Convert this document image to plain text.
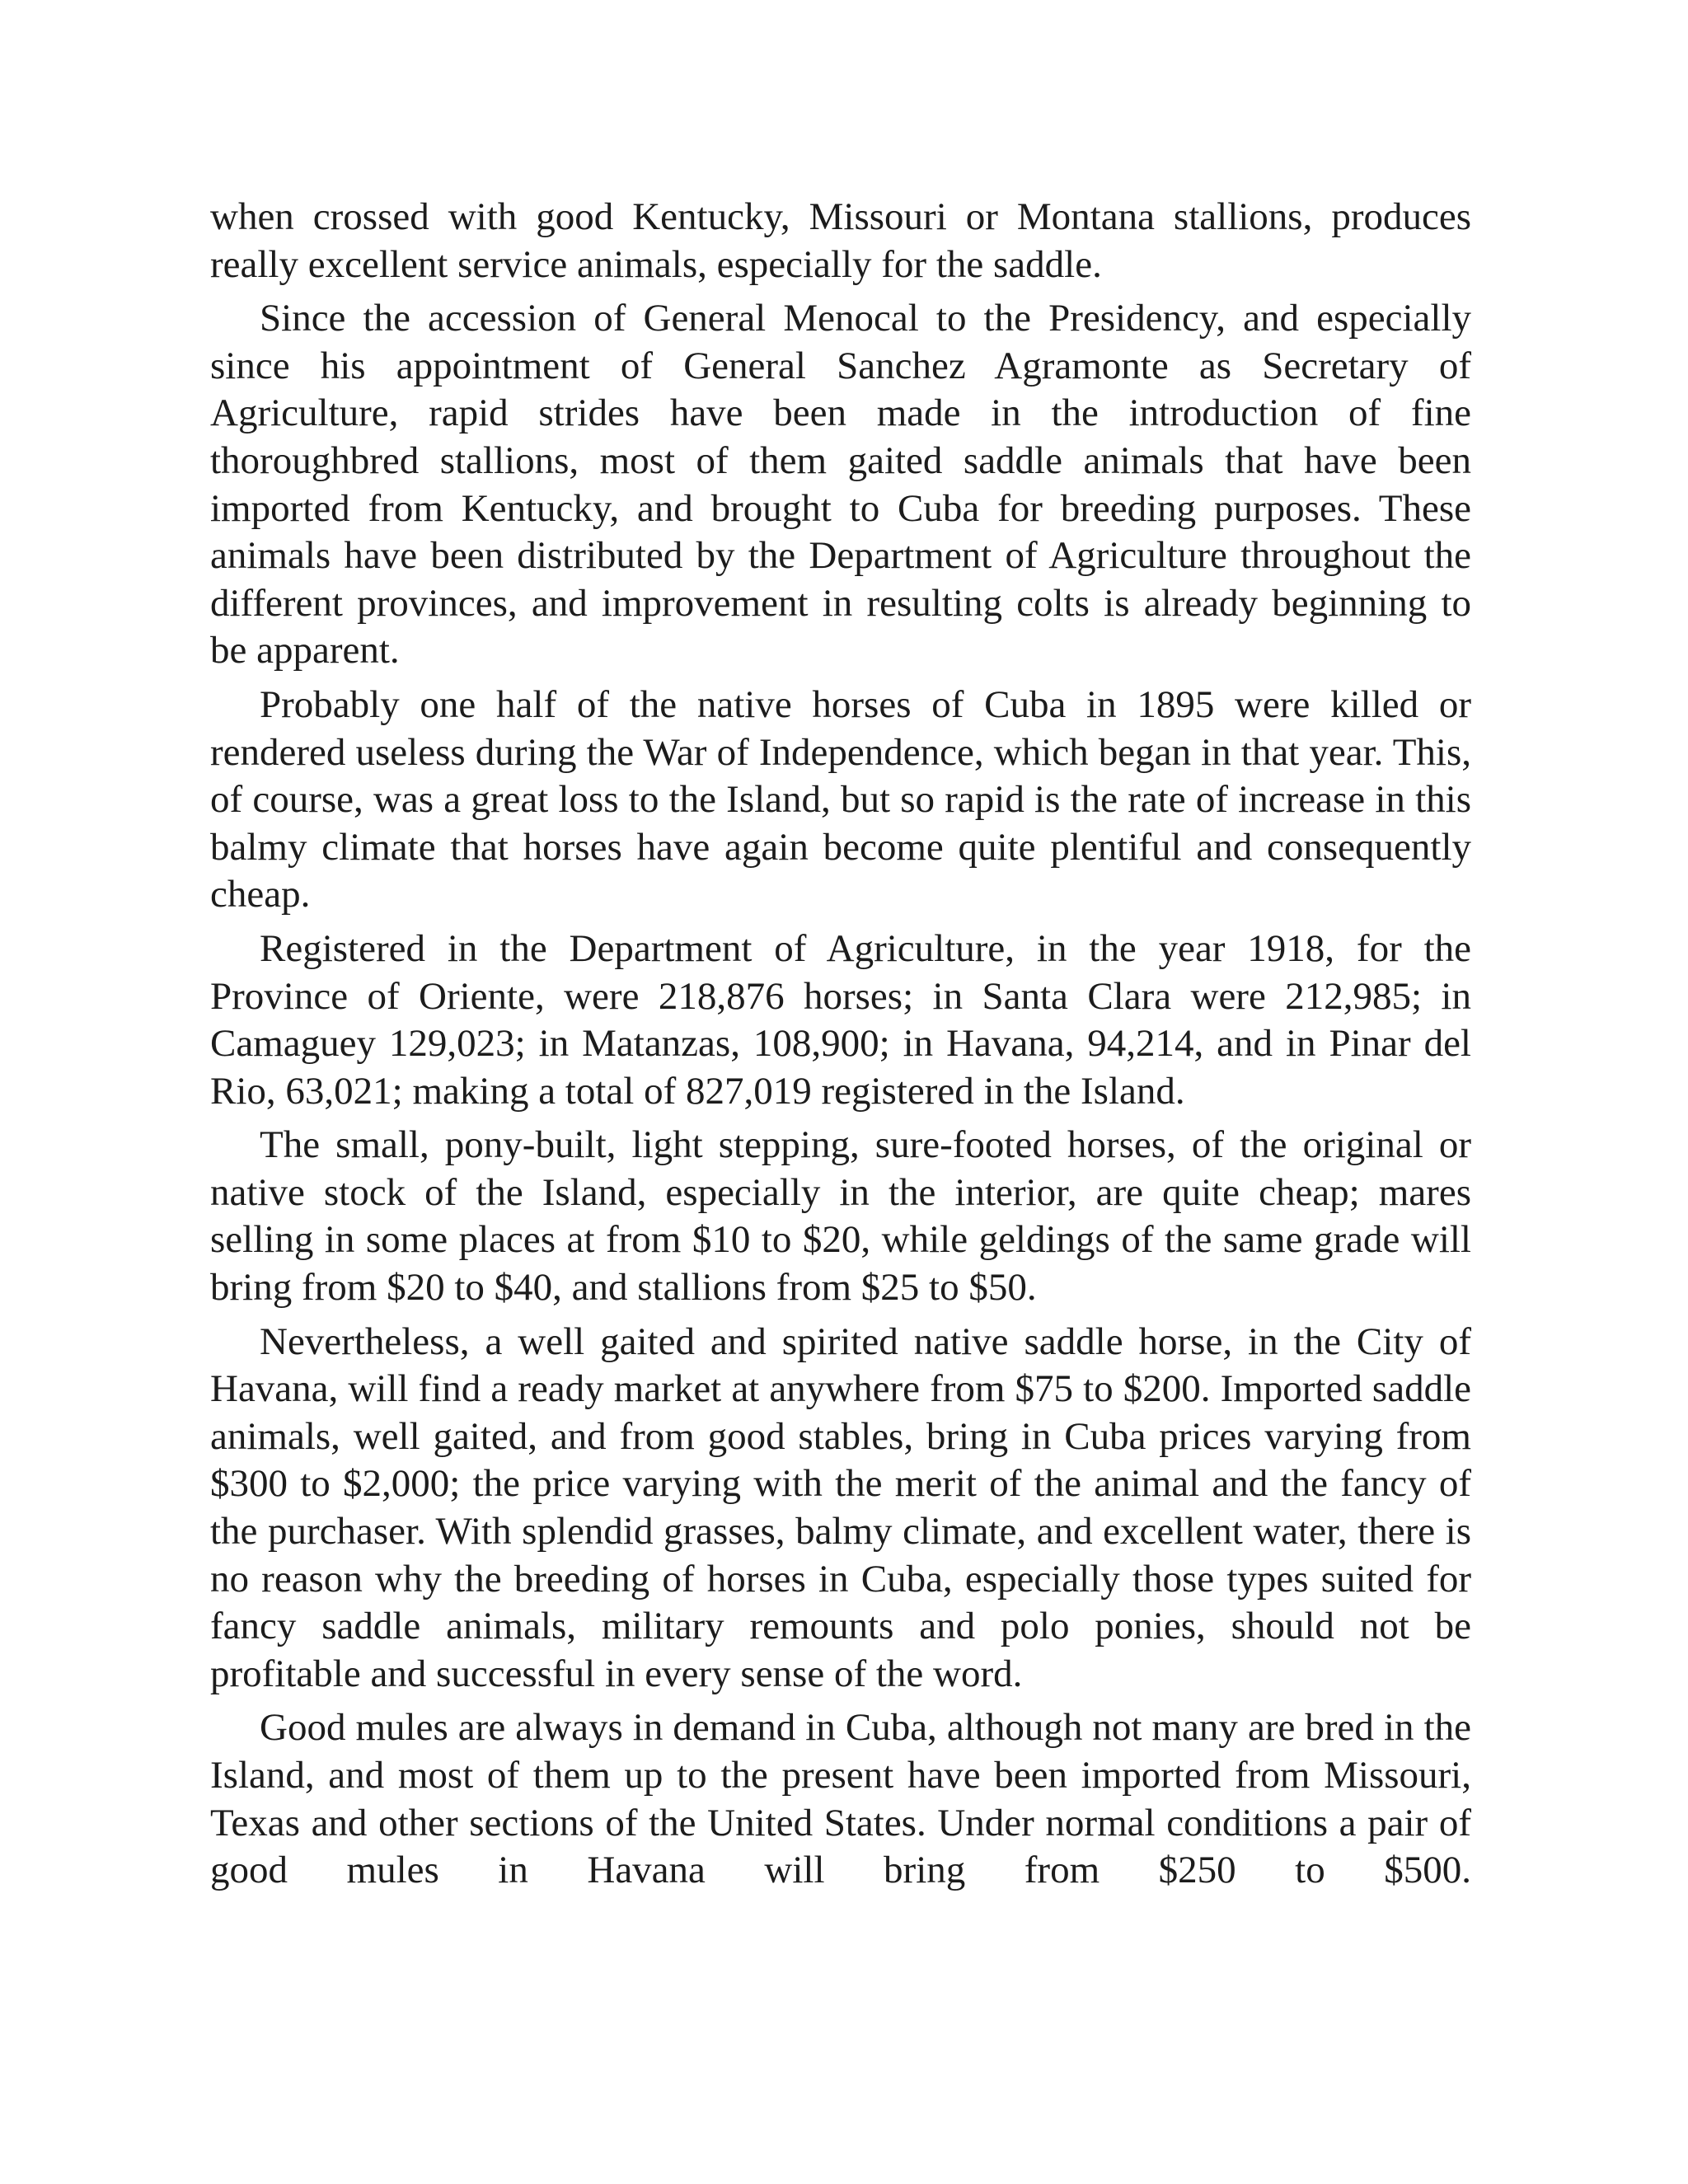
when crossed with good Kentucky, Missouri or Montana stallions, produces really excellent service animals, especially for the saddle.

Since the accession of General Menocal to the Presidency, and especially since his appointment of General Sanchez Agramonte as Secretary of Agriculture, rapid strides have been made in the introduction of fine thoroughbred stallions, most of them gaited saddle animals that have been imported from Kentucky, and brought to Cuba for breeding purposes. These animals have been distributed by the Department of Agriculture throughout the different provinces, and improvement in resulting colts is already beginning to be apparent.

Probably one half of the native horses of Cuba in 1895 were killed or rendered useless during the War of Independence, which began in that year. This, of course, was a great loss to the Island, but so rapid is the rate of increase in this balmy climate that horses have again become quite plentiful and consequently cheap.

Registered in the Department of Agriculture, in the year 1918, for the Province of Oriente, were 218,876 horses; in Santa Clara were 212,985; in Camaguey 129,023; in Matanzas, 108,900; in Havana, 94,214, and in Pinar del Rio, 63,021; making a total of 827,019 registered in the Island.

The small, pony-built, light stepping, sure-footed horses, of the original or native stock of the Island, especially in the interior, are quite cheap; mares selling in some places at from $10 to $20, while geldings of the same grade will bring from $20 to $40, and stallions from $25 to $50.

Nevertheless, a well gaited and spirited native saddle horse, in the City of Havana, will find a ready market at anywhere from $75 to $200. Imported saddle animals, well gaited, and from good stables, bring in Cuba prices varying from $300 to $2,000; the price varying with the merit of the animal and the fancy of the purchaser. With splendid grasses, balmy climate, and excellent water, there is no reason why the breeding of horses in Cuba, especially those types suited for fancy saddle animals, military remounts and polo ponies, should not be profitable and successful in every sense of the word.

Good mules are always in demand in Cuba, although not many are bred in the Island, and most of them up to the present have been imported from Missouri, Texas and other sections of the United States. Under normal conditions a pair of good mules in Havana will bring from $250 to $500.
